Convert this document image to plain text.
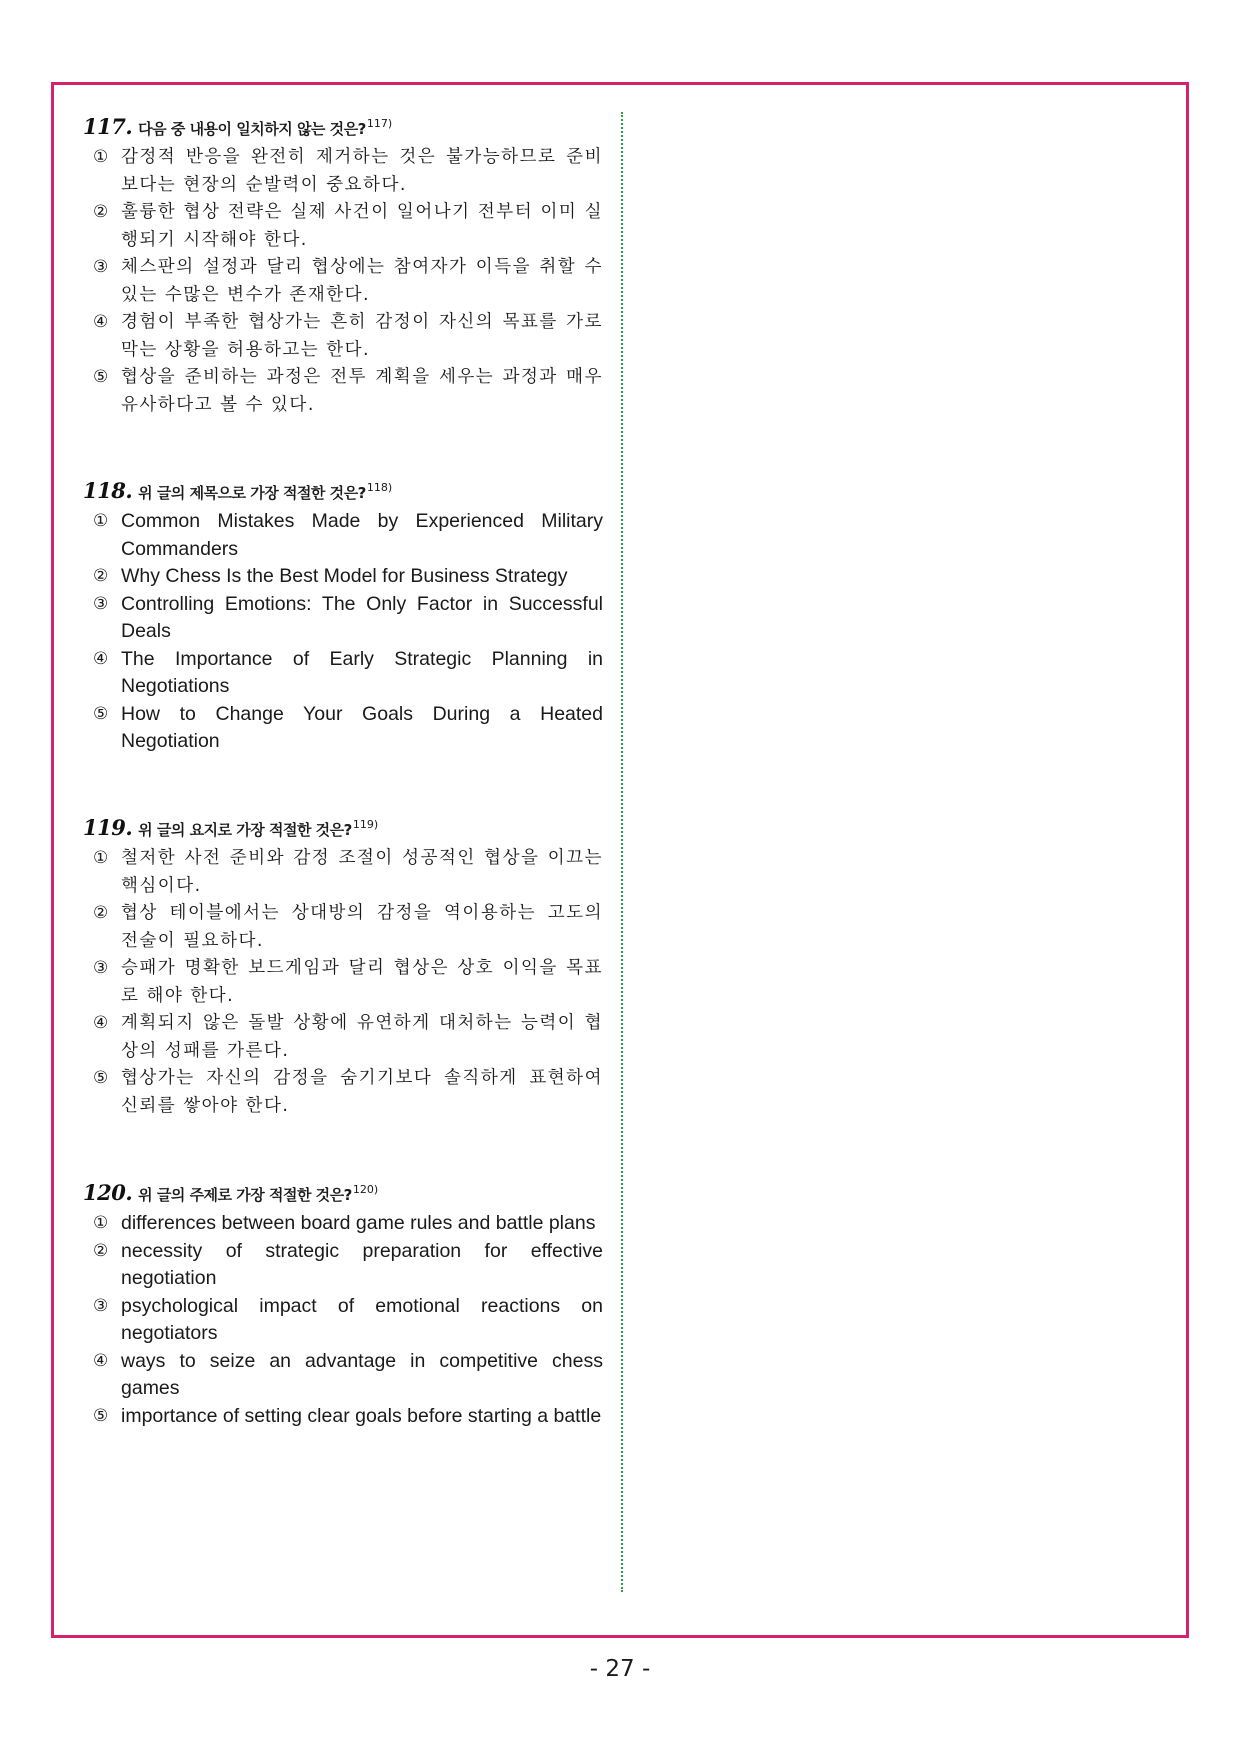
117. 다음 중 내용이 일치하지 않는 것은? 117)
① 감정적 반응을 완전히 제거하는 것은 불가능하므로 준비보다는 현장의 순발력이 중요하다.
② 훌륭한 협상 전략은 실제 사건이 일어나기 전부터 이미 실행되기 시작해야 한다.
③ 체스판의 설정과 달리 협상에는 참여자가 이득을 취할 수 있는 수많은 변수가 존재한다.
④ 경험이 부족한 협상가는 흔히 감정이 자신의 목표를 가로막는 상황을 허용하고는 한다.
⑤ 협상을 준비하는 과정은 전투 계획을 세우는 과정과 매우 유사하다고 볼 수 있다.
118. 위 글의 제목으로 가장 적절한 것은? 118)
① Common Mistakes Made by Experienced Military Commanders
② Why Chess Is the Best Model for Business Strategy
③ Controlling Emotions: The Only Factor in Successful Deals
④ The Importance of Early Strategic Planning in Negotiations
⑤ How to Change Your Goals During a Heated Negotiation
119. 위 글의 요지로 가장 적절한 것은? 119)
① 철저한 사전 준비와 감정 조절이 성공적인 협상을 이끄는 핵심이다.
② 협상 테이블에서는 상대방의 감정을 역이용하는 고도의 전술이 필요하다.
③ 승패가 명확한 보드게임과 달리 협상은 상호 이익을 목표로 해야 한다.
④ 계획되지 않은 돌발 상황에 유연하게 대처하는 능력이 협상의 성패를 가른다.
⑤ 협상가는 자신의 감정을 숨기기보다 솔직하게 표현하여 신뢰를 쌓아야 한다.
120. 위 글의 주제로 가장 적절한 것은? 120)
① differences between board game rules and battle plans
② necessity of strategic preparation for effective negotiation
③ psychological impact of emotional reactions on negotiators
④ ways to seize an advantage in competitive chess games
⑤ importance of setting clear goals before starting a battle
- 27 -
